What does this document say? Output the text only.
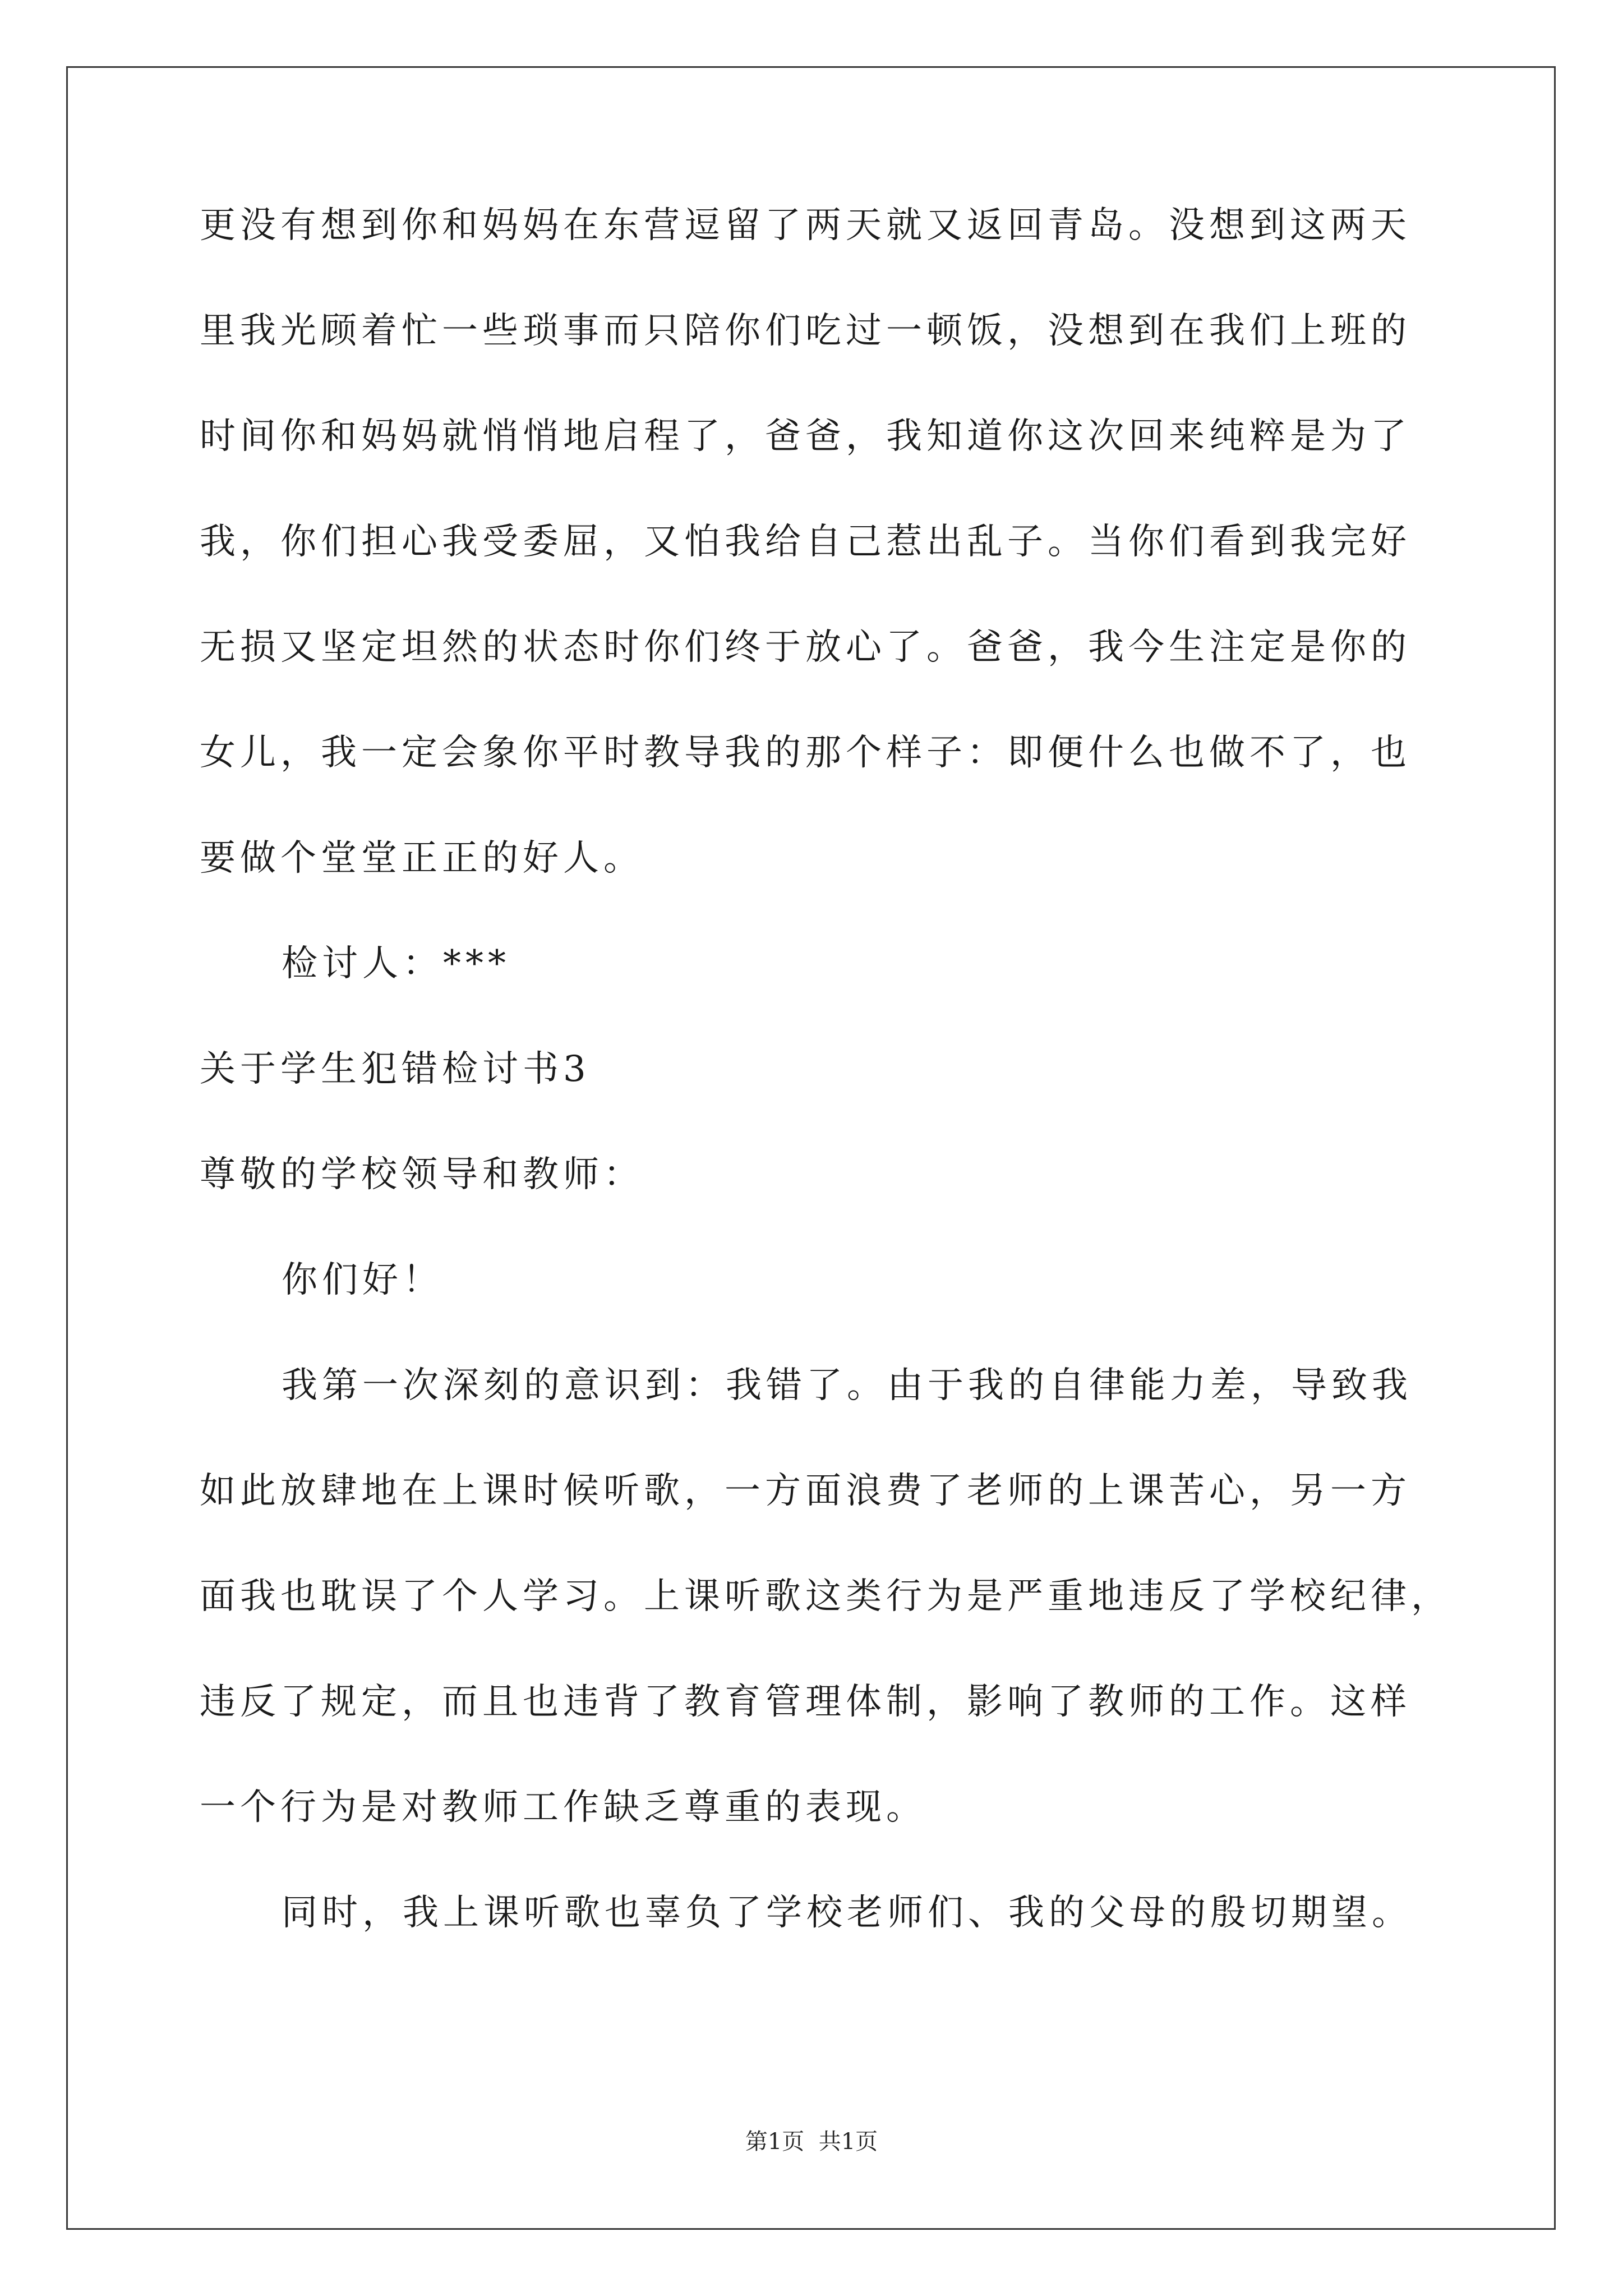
更没有想到你和妈妈在东营逗留了两天就又返回青岛。没想到这两天
里我光顾着忙一些琐事而只陪你们吃过一顿饭，没想到在我们上班的
时间你和妈妈就悄悄地启程了，爸爸，我知道你这次回来纯粹是为了
我，你们担心我受委屈，又怕我给自己惹出乱子。当你们看到我完好
无损又坚定坦然的状态时你们终于放心了。爸爸，我今生注定是你的
女儿，我一定会象你平时教导我的那个样子：即便什么也做不了，也
要做个堂堂正正的好人。
检讨人：***
关于学生犯错检讨书3
尊敬的学校领导和教师：
你们好！
我第一次深刻的意识到：我错了。由于我的自律能力差，导致我
如此放肆地在上课时候听歌，一方面浪费了老师的上课苦心，另一方
面我也耽误了个人学习。上课听歌这类行为是严重地违反了学校纪律，
违反了规定，而且也违背了教育管理体制，影响了教师的工作。这样
一个行为是对教师工作缺乏尊重的表现。
同时，我上课听歌也辜负了学校老师们、我的父母的殷切期望。
第1页  共1页
